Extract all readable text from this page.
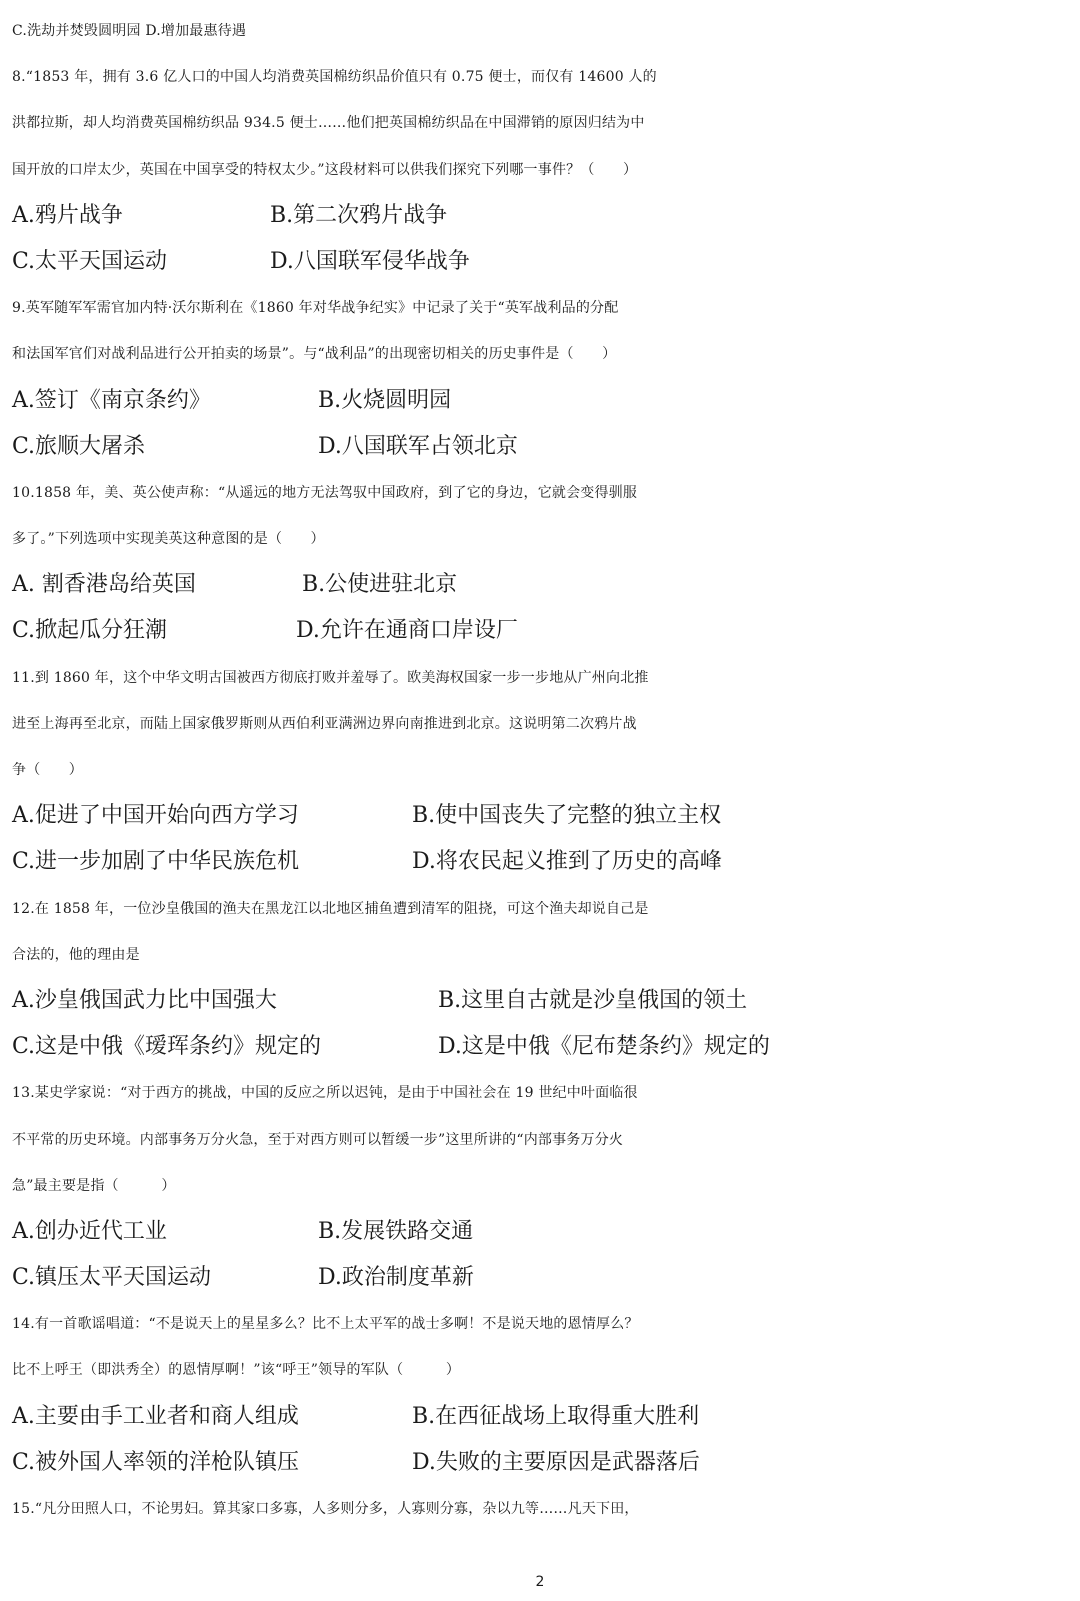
C.洗劫并焚毁圆明园 D.增加最惠待遇
8.“1853 年，拥有 3.6 亿人口的中国人均消费英国棉纺织品价值只有 0.75 便士，而仅有 14600 人的
洪都拉斯，却人均消费英国棉纺织品 934.5 便士……他们把英国棉纺织品在中国滞销的原因归结为中
国开放的口岸太少，英国在中国享受的特权太少。”这段材料可以供我们探究下列哪一事件？（　　）
A.鸦片战争	B.第二次鸦片战争
C.太平天国运动	D.八国联军侵华战争
9.英军随军军需官加内特·沃尔斯利在《1860 年对华战争纪实》中记录了关于“英军战利品的分配
和法国军官们对战利品进行公开拍卖的场景”。与“战利品”的出现密切相关的历史事件是（　　）
A.签订《南京条约》	B.火烧圆明园
C.旅顺大屠杀	D.八国联军占领北京
10.1858 年，美、英公使声称：“从遥远的地方无法驾驭中国政府，到了它的身边，它就会变得驯服
多了。”下列选项中实现美英这种意图的是（　　）
A. 割香港岛给英国	B.公使进驻北京
C.掀起瓜分狂潮	D.允许在通商口岸设厂
11.到 1860 年，这个中华文明古国被西方彻底打败并羞辱了。欧美海权国家一步一步地从广州向北推
进至上海再至北京，而陆上国家俄罗斯则从西伯利亚满洲边界向南推进到北京。这说明第二次鸦片战
争（　　）
A.促进了中国开始向西方学习	B.使中国丧失了完整的独立主权
C.进一步加剧了中华民族危机	D.将农民起义推到了历史的高峰
12.在 1858 年，一位沙皇俄国的渔夫在黑龙江以北地区捕鱼遭到清军的阻挠，可这个渔夫却说自己是
合法的，他的理由是
A.沙皇俄国武力比中国强大	B.这里自古就是沙皇俄国的领土
C.这是中俄《瑷珲条约》规定的	D.这是中俄《尼布楚条约》规定的
13.某史学家说：“对于西方的挑战，中国的反应之所以迟钝，是由于中国社会在 19 世纪中叶面临很
不平常的历史环境。内部事务万分火急，至于对西方则可以暂缓一步”这里所讲的“内部事务万分火
急”最主要是指（　　　）
A.创办近代工业	B.发展铁路交通
C.镇压太平天国运动	D.政治制度革新
14.有一首歌谣唱道：“不是说天上的星星多么？比不上太平军的战士多啊！不是说天地的恩情厚么？
比不上呼王（即洪秀全）的恩情厚啊！”该“呼王”领导的军队（　　　）
A.主要由手工业者和商人组成	B.在西征战场上取得重大胜利
C.被外国人率领的洋枪队镇压	D.失败的主要原因是武器落后
15.“凡分田照人口，不论男妇。算其家口多寡，人多则分多，人寡则分寡，杂以九等……凡天下田，
2
